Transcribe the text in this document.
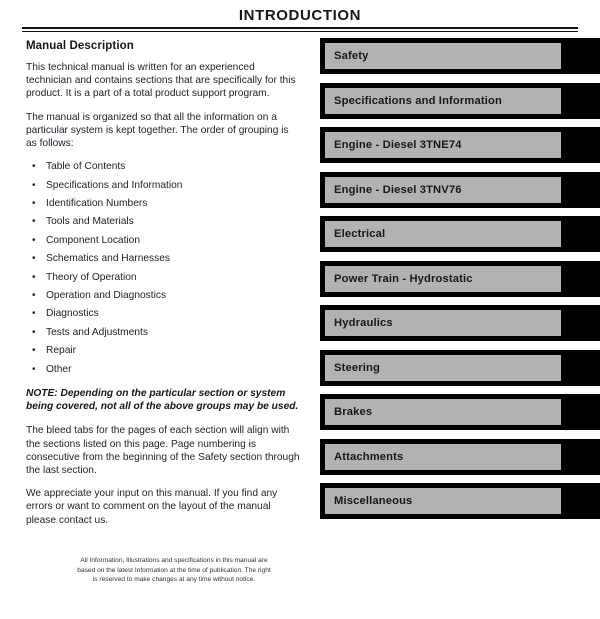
INTRODUCTION
Manual Description

This technical manual is written for an experienced technician and contains sections that are specifically for this product. It is a part of a total product support program.

The manual is organized so that all the information on a particular system is kept together. The order of grouping is as follows:

• Table of Contents
• Specifications and Information
• Identification Numbers
• Tools and Materials
• Component Location
• Schematics and Harnesses
• Theory of Operation
• Operation and Diagnostics
• Diagnostics
• Tests and Adjustments
• Repair
• Other

NOTE: Depending on the particular section or system being covered, not all of the above groups may be used.

The bleed tabs for the pages of each section will align with the sections listed on this page. Page numbering is consecutive from the beginning of the Safety section through the last section.

We appreciate your input on this manual. If you find any errors or want to comment on the layout of the manual please contact us.

All Information, Illustrations and specifications in this manual are based on the latest Information at the time of publication. The right is reserved to make changes at any time without notice.
Safety
Specifications and Information
Engine - Diesel 3TNE74
Engine - Diesel 3TNV76
Electrical
Power Train - Hydrostatic
Hydraulics
Steering
Brakes
Attachments
Miscellaneous
